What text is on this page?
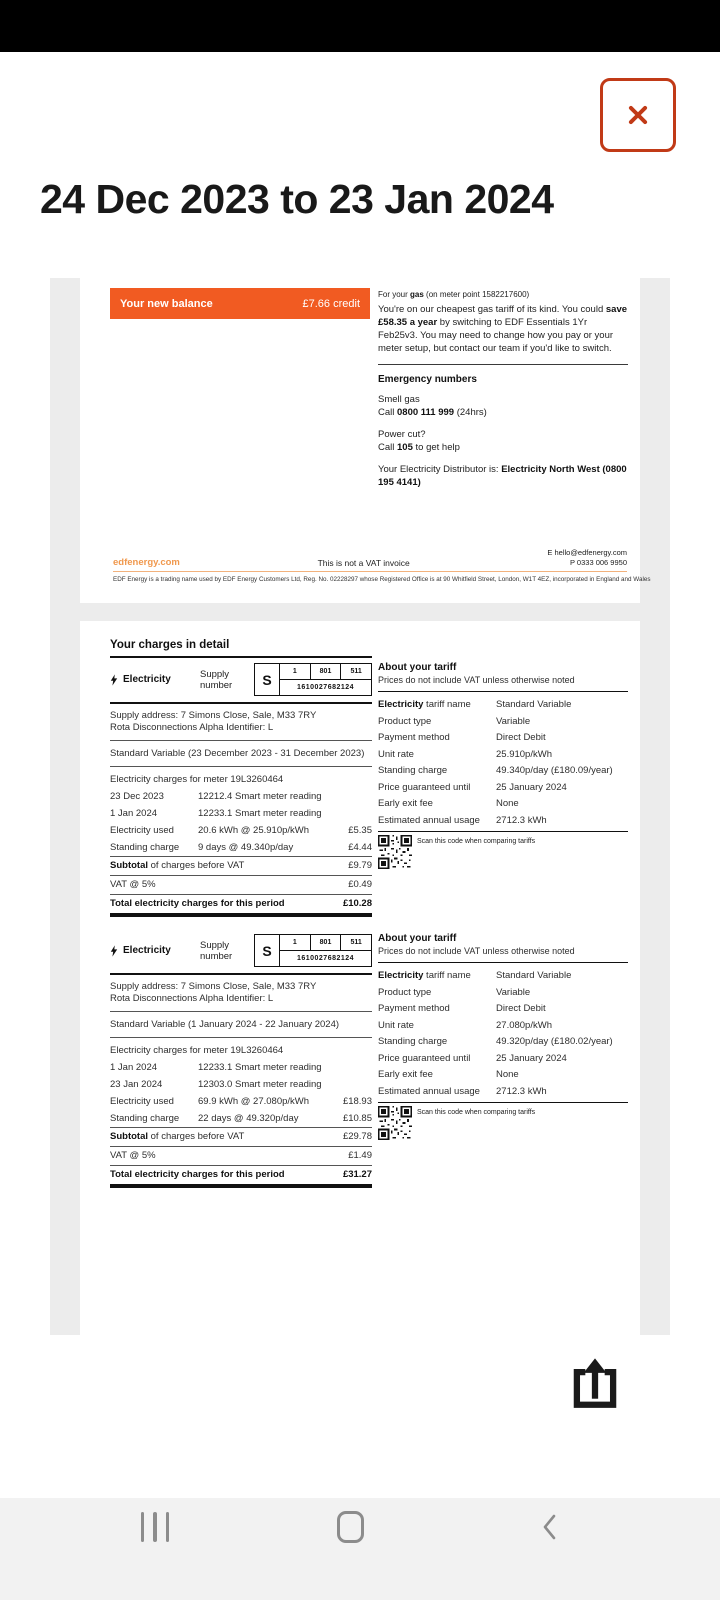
24 Dec 2023 to 23 Jan 2024
Your new balance	£7.66 credit

For your gas (on meter point 1582217600)

You're on our cheapest gas tariff of its kind. You could save £58.35 a year by switching to EDF Essentials 1Yr Feb25v3. You may need to change how you pay or your meter setup, but contact our team if you'd like to switch.

Emergency numbers

Smell gas
Call 0800 111 999 (24hrs)

Power cut?
Call 105 to get help

Your Electricity Distributor is: Electricity North West (0800 195 4141)

edfenergy.com	This is not a VAT invoice
E hello@edfenergy.com
P 0333 006 9950
EDF Energy is a trading name used by EDF Energy Customers Ltd, Reg. No. 02228297 whose Registered Office is at 90 Whitfield Street, London, W1T 4EZ, incorporated in England and Wales
Your charges in detail
Electricity	Supply number	S	1	801	511
1610027682124
Supply address: 7 Simons Close, Sale, M33 7RY
Rota Disconnections Alpha Identifier: L
Standard Variable (23 December 2023 - 31 December 2023)
Electricity charges for meter 19L3260464
23 Dec 2023	12212.4 Smart meter reading
1 Jan 2024	12233.1 Smart meter reading
Electricity used	20.6 kWh @ 25.910p/kWh	£5.35
Standing charge	9 days @ 49.340p/day	£4.44
Subtotal of charges before VAT	£9.79
VAT @ 5%	£0.49
Total electricity charges for this period	£10.28
About your tariff
Prices do not include VAT unless otherwise noted
Electricity tariff name	Standard Variable
Product type	Variable
Payment method	Direct Debit
Unit rate	25.910p/kWh
Standing charge	49.340p/day (£180.09/year)
Price guaranteed until	25 January 2024
Early exit fee	None
Estimated annual usage	2712.3 kWh
Scan this code when comparing tariffs
Electricity	Supply number	S	1	801	511
1610027682124
Supply address: 7 Simons Close, Sale, M33 7RY
Rota Disconnections Alpha Identifier: L
Standard Variable (1 January 2024 - 22 January 2024)
Electricity charges for meter 19L3260464
1 Jan 2024	12233.1 Smart meter reading
23 Jan 2024	12303.0 Smart meter reading
Electricity used	69.9 kWh @ 27.080p/kWh	£18.93
Standing charge	22 days @ 49.320p/day	£10.85
Subtotal of charges before VAT	£29.78
VAT @ 5%	£1.49
Total electricity charges for this period	£31.27
About your tariff
Prices do not include VAT unless otherwise noted
Electricity tariff name	Standard Variable
Product type	Variable
Payment method	Direct Debit
Unit rate	27.080p/kWh
Standing charge	49.320p/day (£180.02/year)
Price guaranteed until	25 January 2024
Early exit fee	None
Estimated annual usage	2712.3 kWh
Scan this code when comparing tariffs
